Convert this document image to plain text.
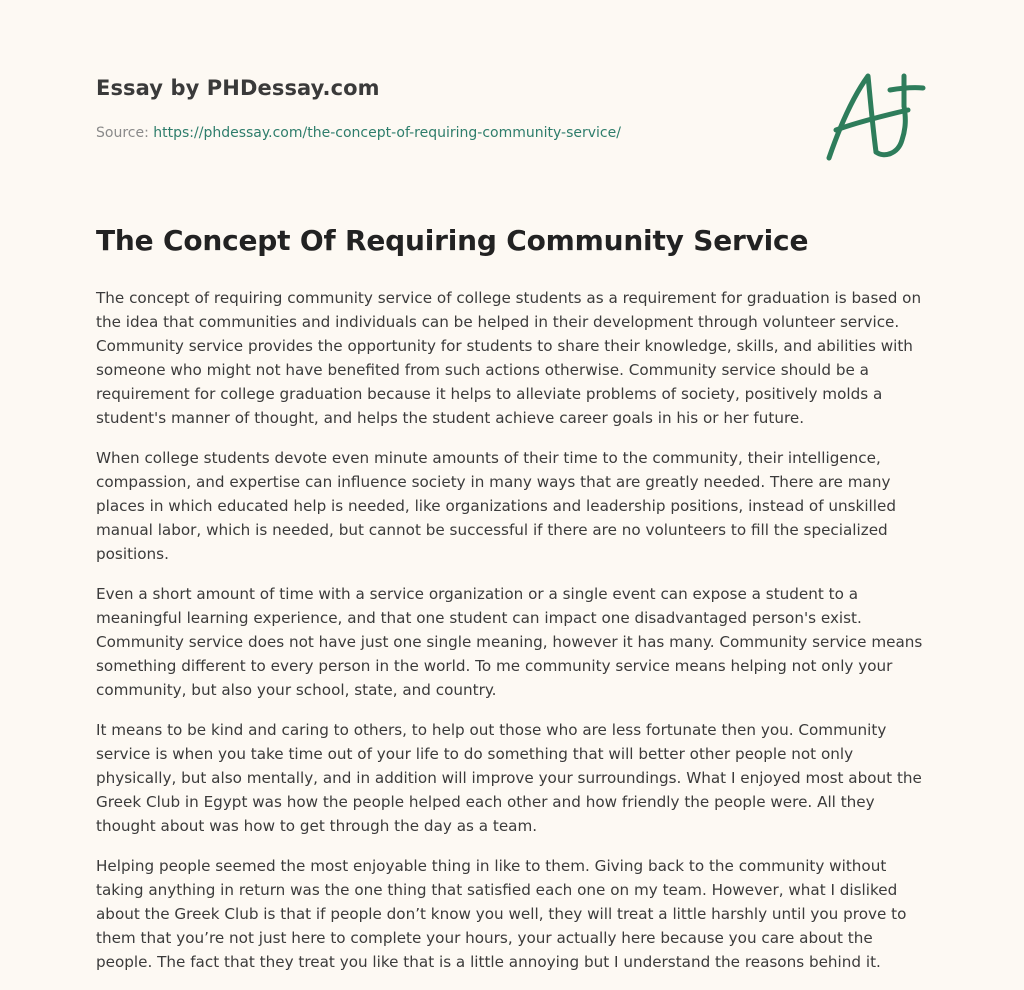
Essay by PHDessay.com
Source: https://phdessay.com/the-concept-of-requiring-community-service/
The Concept Of Requiring Community Service

The concept of requiring community service of college students as a requirement for graduation is based on the idea that communities and individuals can be helped in their development through volunteer service. Community service provides the opportunity for students to share their knowledge, skills, and abilities with someone who might not have benefited from such actions otherwise. Community service should be a requirement for college graduation because it helps to alleviate problems of society, positively molds a student's manner of thought, and helps the student achieve career goals in his or her future.

When college students devote even minute amounts of their time to the community, their intelligence, compassion, and expertise can influence society in many ways that are greatly needed. There are many places in which educated help is needed, like organizations and leadership positions, instead of unskilled manual labor, which is needed, but cannot be successful if there are no volunteers to fill the specialized positions.

Even a short amount of time with a service organization or a single event can expose a student to a meaningful learning experience, and that one student can impact one disadvantaged person's exist. Community service does not have just one single meaning, however it has many. Community service means something different to every person in the world. To me community service means helping not only your community, but also your school, state, and country.

It means to be kind and caring to others, to help out those who are less fortunate then you. Community service is when you take time out of your life to do something that will better other people not only physically, but also mentally, and in addition will improve your surroundings. What I enjoyed most about the Greek Club in Egypt was how the people helped each other and how friendly the people were. All they thought about was how to get through the day as a team.

Helping people seemed the most enjoyable thing in like to them. Giving back to the community without taking anything in return was the one thing that satisfied each one on my team. However, what I disliked about the Greek Club is that if people don’t know you well, they will treat a little harshly until you prove to them that you’re not just here to complete your hours, your actually here because you care about the people. The fact that they treat you like that is a little annoying but I understand the reasons behind it.
